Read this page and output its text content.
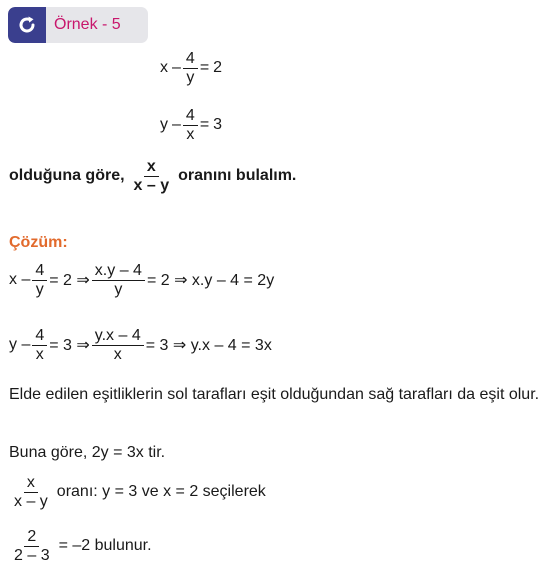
Örnek - 5
$x - \frac{4}{y} = 2$
$y - \frac{4}{x} = 3$
olduğuna göre, $\frac{x}{x - y}$ oranını bulalım.
Çözüm:
$x - \frac{4}{y} = 2$ ⇒ $\frac{x.y - 4}{y} = 2$ ⇒ x.y – 4 = 2y
$y - \frac{4}{x} = 3$ ⇒ $\frac{y.x - 4}{x} = 3$ ⇒ y.x – 4 = 3x
Elde edilen eşitliklerin sol tarafları eşit olduğundan sağ tarafları da eşit olur.
Buna göre, 2y = 3x tir.
$\frac{x}{x - y}$ oranı: y = 3 ve x = 2 seçilerek
$\frac{2}{2 - 3} = -2$ bulunur.
